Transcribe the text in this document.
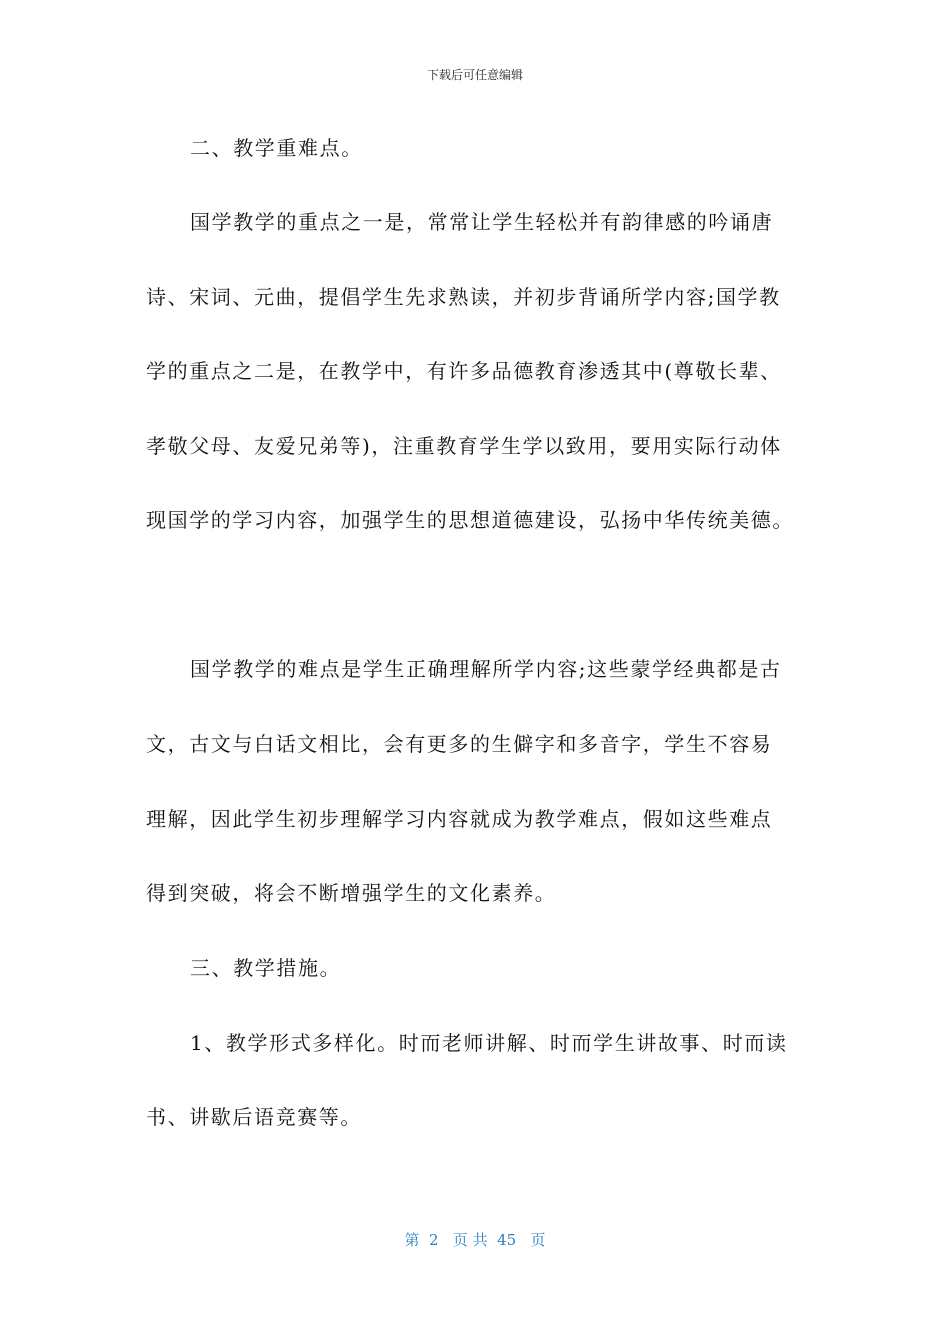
下载后可任意编辑
二、教学重难点。
国学教学的重点之一是，常常让学生轻松并有韵律感的吟诵唐
诗、宋词、元曲，提倡学生先求熟读，并初步背诵所学内容;国学教
学的重点之二是，在教学中，有许多品德教育渗透其中(尊敬长辈、
孝敬父母、友爱兄弟等)，注重教育学生学以致用，要用实际行动体
现国学的学习内容，加强学生的思想道德建设，弘扬中华传统美德。
国学教学的难点是学生正确理解所学内容;这些蒙学经典都是古
文，古文与白话文相比，会有更多的生僻字和多音字，学生不容易
理解，因此学生初步理解学习内容就成为教学难点，假如这些难点
得到突破，将会不断增强学生的文化素养。
三、教学措施。
1、教学形式多样化。时而老师讲解、时而学生讲故事、时而读
书、讲歇后语竞赛等。
第  2   页 共  45   页
